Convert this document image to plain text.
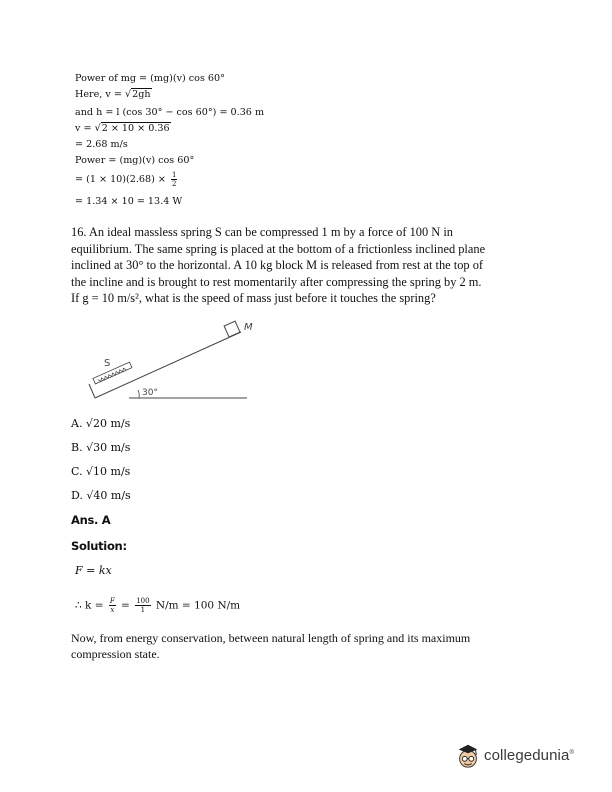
Power of mg = (mg)(v) cos 60°
Here, v = √2gh
and h = l (cos 30° − cos 60°) = 0.36 m
v = √2 × 10 × 0.36
= 2.68 m/s
Power = (mg)(v) cos 60°
= $(1 \times 10)(2.68) \times \frac{1}{2}$
= 1.34 × 10 = 13.4 W
16. An ideal massless spring S can be compressed 1 m by a force of 100 N in
equilibrium. The same spring is placed at the bottom of a frictionless inclined plane
inclined at 30° to the horizontal. A 10 kg block M is released from rest at the top of
the incline and is brought to rest momentarily after compressing the spring by 2 m.
If g = 10 m/s², what is the speed of mass just before it touches the spring?
M
S
30°
A. √20 m/s
B. √30 m/s
C. √10 m/s
D. √40 m/s
Ans. A
Solution:
F = kx
∴ $k = \frac{F}{x} = \frac{100}{1} N/m = 100$ N/m
Now, from energy conservation, between natural length of spring and its maximum
compression state.
collegedunia®
